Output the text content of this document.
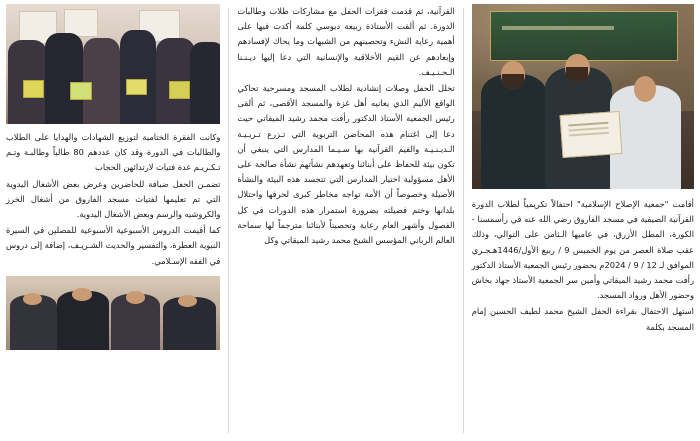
أقامت "جمعية الإصلاح الإسلامية" احتفالاً تكريمياً لطلاب الدورة القرآنية الصيفية في مسجد الفاروق رضي الله عنه في رأسمسنا - الكورة، المطل الأزرق، في عاميها الـثامن على التوالي، وذلك عقب صلاة العصر من يوم الخميس 9 / ربيع الأول/1446هـجـري الموافق لـ 12 / 9 / 2024م بحضور رئيس الجمعية الأستاذ الدكتور رأفت محمد رشيد الميقاتي وأمين سر الجمعية الأستاذ جهاد بخاش وحضور الأهل ورواد المسجد.

استهل الاحتفال بقراءة الحفل الشيخ محمد لطيف الحسين إمام المسجد بكلمة

القرآنية، ثم قدمت فقرات الحفل مع مشاركات طلاب وطالبات الدورة. ثم ألقت الأستاذة ربيعة ديوسي كلمة أكدت فيها على أهمية رعاية النشء وتحصينهم من الشبهات وما يحاك لإفسادهم وإبعادهم عن القيم الأخلاقية والإنسانية التي دعا إليها ديـنـنا الـحـنـيـف.

تخلل الحفل وصلات إنشادية لطلاب المسجد ومسرحية تحاكي الواقع الأليم الذي يعانيه أهل غزة والمسجد الأقصى، ثم ألقى رئيس الجمعية الأستاذ الدكتور رأفت محمد رشيد الميقاتي حيث دعا إلى اغتنام هذه المحاضن التربوية التي تـزرع تـربـيـة الـديـنـيـة والقيم القرآنية بها سـيـما المدارس التي ينبغي أن تكون بيئة للحفاظ على أبنائنا وتعهدهم نشأتهم نشأة صالحة على الأهل مسؤولية اختيار المدارس التي تتجسد هذه البيئة والنشأة الأصيلة وخصوصاً أن الأمة تواجه مخاطر كبرى لحرفها واحتلال بلدانها وختم فضيلته بضرورة استمرار هذه الدورات في كل الفصول وأشهر العام رعاية وتحصيناً لأبنائنا مترجماً لها سماحة العالم الرباني المؤسس الشيخ محمد رشيد الميقاتي وكل

وكانت الفقرة الختامية لتوزيع الشهادات والهدايا على الطلاب والطالبات في الدورة وقد كان عددهم 80 طالباً وطالبـة وتـم تـكـريـم عدة فتيات لارتدائهن الحجاب

تضمـن الحفل ضيافة للحاضرين وعرض بعض الأشغال اليدوية التي تم تعليمها لفتيات مسجد الفاروق من أشغال الخرز والكروشيه والرسم وبعض الأشغال اليدوية.

كما أقيمت الدروس الأسبوعية الأسبوعية للمصلين في السيرة النبوية العطرة، والتفسير والحديث الشـريـف، إضافة إلى دروس في الفقه الإسـلامي.
